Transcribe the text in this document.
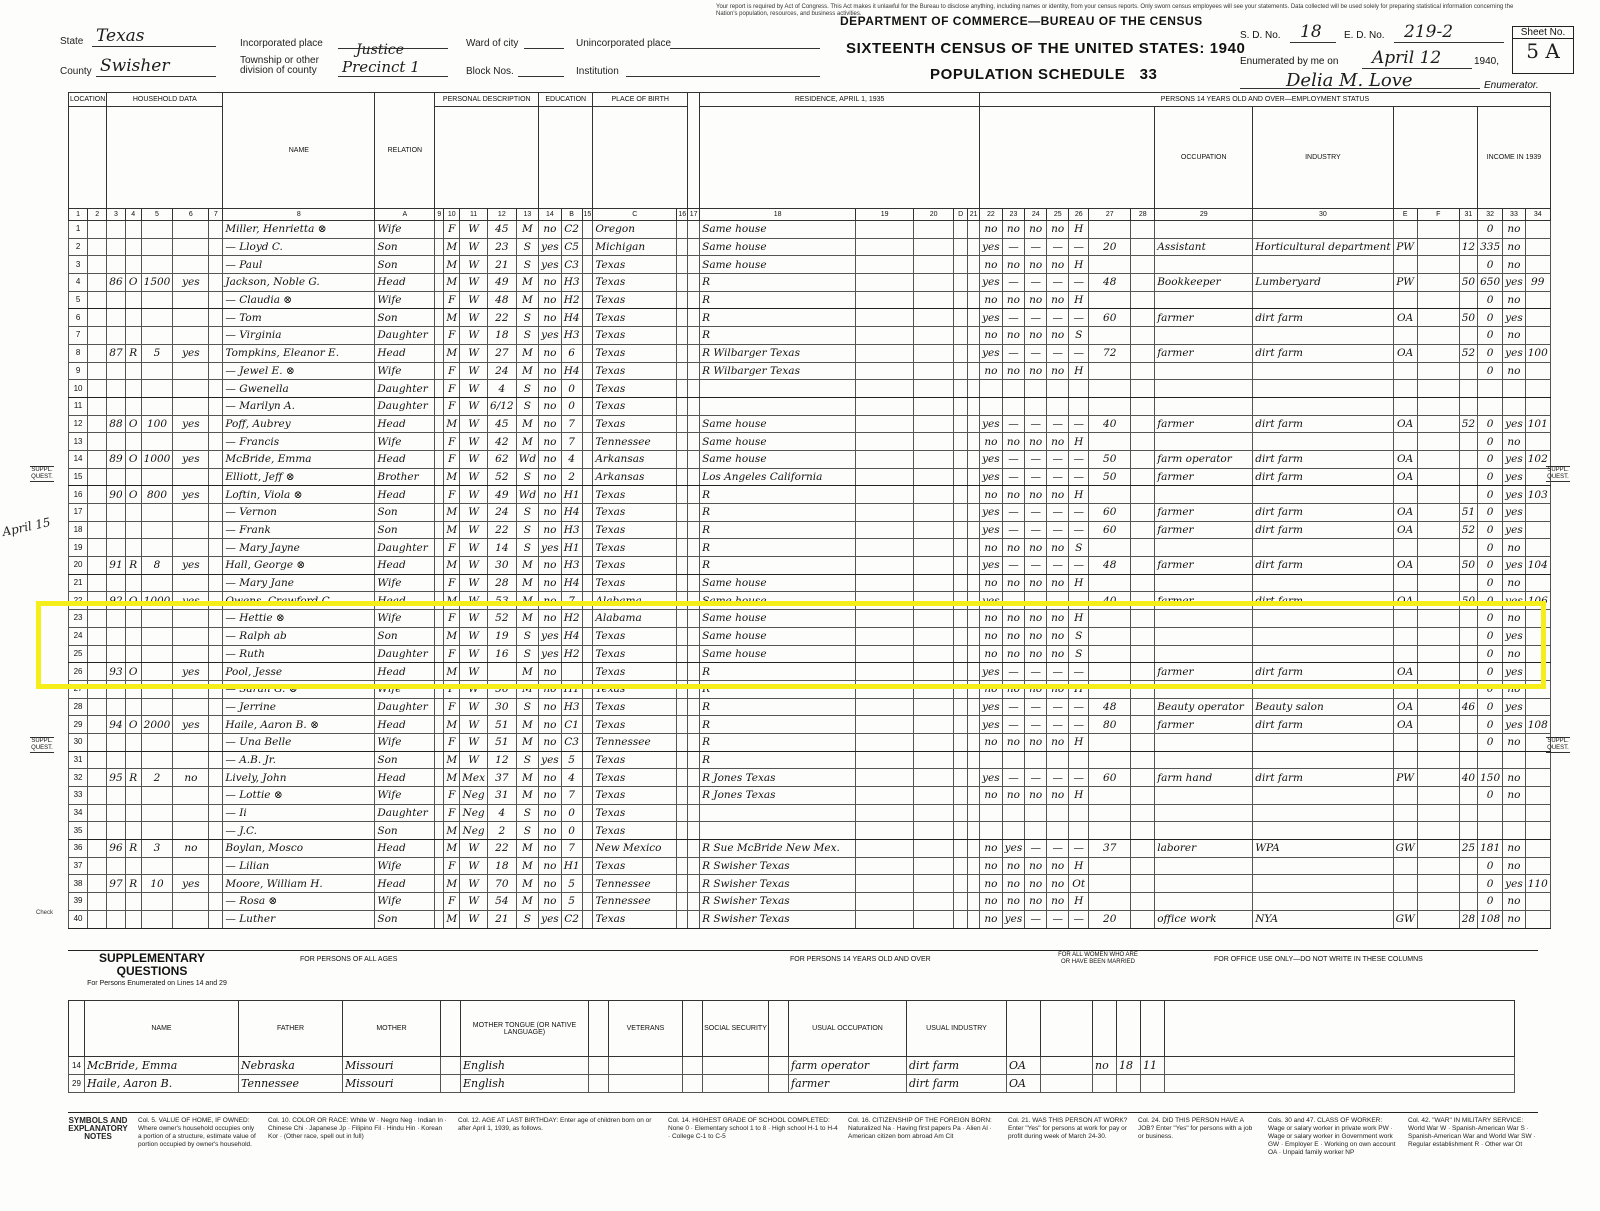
State Texas
County Swisher
Incorporated place
Township or other division of county
Justice
Precinct 1
Ward of city
Block Nos.
Unincorporated place
Institution
Your report is required by Act of Congress. This Act makes it unlawful for the Bureau to disclose anything, including names or identity, from your census reports. Only sworn census employees will see your statements. Data collected will be used solely for preparing statistical information concerning the Nation's population, resources, and business activities.
DEPARTMENT OF COMMERCE—BUREAU OF THE CENSUS
SIXTEENTH CENSUS OF THE UNITED STATES: 1940
POPULATION SCHEDULE 33
S. D. No. 18 E. D. No. 219-2	Sheet No.
5 A
Enumerated by me on April 12	1940,
Delia M. Love	Enumerator.
LOCATION		HOUSEHOLD DATA					NAME	RELATION	PERSONAL DESCRIPTION					EDUCATION			PLACE OF BIRTH			RESIDENCE, APRIL 1, 1935					PERSONS 14 YEARS OLD AND OVER—EMPLOYMENT STATUS														
																																OCCUPATION	INDUSTRY				INCOME IN 1939		
1	2	3	4	5	6	7	8	A	9	10	11	12	13	14	B	15	C	16	17	18	19	20	D	21	22	23	24	25	26	27	28	29	30	E	F	31	32	33	34
1							Miller, Henrietta ⊗	Wife		F	W	45	M	no	C2		Oregon			Same house					no	no	no	no	H								0	no	
2							— Lloyd C.	Son		M	W	23	S	yes	C5		Michigan			Same house					yes	—	—	—	—	20		Assistant	Horticultural department	PW		12	335	no	
3							— Paul	Son		M	W	21	S	yes	C3		Texas			Same house					no	no	no	no	H								0	no	
4		86	O	1500	yes		Jackson, Noble G.	Head		M	W	49	M	no	H3		Texas			R					yes	—	—	—	—	48		Bookkeeper	Lumberyard	PW		50	650	yes	99
5							— Claudia ⊗	Wife		F	W	48	M	no	H2		Texas			R					no	no	no	no	H								0	no	
6							— Tom	Son		M	W	22	S	no	H4		Texas			R					yes	—	—	—	—	60		farmer	dirt farm	OA		50	0	yes	
7							— Virginia	Daughter		F	W	18	S	yes	H3		Texas			R					no	no	no	no	S								0	no	
8		87	R	5	yes		Tompkins, Eleanor E.	Head		M	W	27	M	no	6		Texas			R Wilbarger Texas					yes	—	—	—	—	72		farmer	dirt farm	OA		52	0	yes	100
9							— Jewel E. ⊗	Wife		F	W	24	M	no	H4		Texas			R Wilbarger Texas					no	no	no	no	H								0	no	
10							— Gwenella	Daughter		F	W	4	S	no	0		Texas																						
11							— Marilyn A.	Daughter		F	W	6/12	S	no	0		Texas																						
12		88	O	100	yes		Poff, Aubrey	Head		M	W	45	M	no	7		Texas			Same house					yes	—	—	—	—	40		farmer	dirt farm	OA		52	0	yes	101
13							— Francis	Wife		F	W	42	M	no	7		Tennessee			Same house					no	no	no	no	H								0	no	
14		89	O	1000	yes		McBride, Emma	Head		F	W	62	Wd	no	4		Arkansas			Same house					yes	—	—	—	—	50		farm operator	dirt farm	OA			0	yes	102
15							Elliott, Jeff ⊗	Brother		M	W	52	S	no	2		Arkansas			Los Angeles California					yes	—	—	—	—	50		farmer	dirt farm	OA			0	yes	
16		90	O	800	yes		Loftin, Viola ⊗	Head		F	W	49	Wd	no	H1		Texas			R					no	no	no	no	H								0	yes	103
17							— Vernon	Son		M	W	24	S	no	H4		Texas			R					yes	—	—	—	—	60		farmer	dirt farm	OA		51	0	yes	
18							— Frank	Son		M	W	22	S	no	H3		Texas			R					yes	—	—	—	—	60		farmer	dirt farm	OA		52	0	yes	
19							— Mary Jayne	Daughter		F	W	14	S	yes	H1		Texas			R					no	no	no	no	S								0	no	
20		91	R	8	yes		Hall, George ⊗	Head		M	W	30	M	no	H3		Texas			R					yes	—	—	—	—	48		farmer	dirt farm	OA		50	0	yes	104
21							— Mary Jane	Wife		F	W	28	M	no	H4		Texas			Same house					no	no	no	no	H								0	no	
22		92	O	1000	yes		Owens, Crawford C.	Head		M	W	53	M	no	7		Alabama			Same house					yes	—	—	—	—	40		farmer	dirt farm	OA		50	0	yes	106
23							— Hettie ⊗	Wife		F	W	52	M	no	H2		Alabama			Same house					no	no	no	no	H								0	no	
24							— Ralph ab	Son		M	W	19	S	yes	H4		Texas			Same house					no	no	no	no	S								0	yes	
25							— Ruth	Daughter		F	W	16	S	yes	H2		Texas			Same house					no	no	no	no	S								0	no	
26		93	O		yes		Pool, Jesse	Head		M	W		M	no			Texas			R					yes	—	—	—	—			farmer	dirt farm	OA			0	yes	
27							— Sarah G. ⊗	Wife		F	W	56	M	no	H1		Texas			R					no	no	no	no	H								0	no	
28							— Jerrine	Daughter		F	W	30	S	no	H3		Texas			R					yes	—	—	—	—	48		Beauty operator	Beauty salon	OA		46	0	yes	
29		94	O	2000	yes		Haile, Aaron B. ⊗	Head		M	W	51	M	no	C1		Texas			R					yes	—	—	—	—	80		farmer	dirt farm	OA			0	yes	108
30							— Una Belle	Wife		F	W	51	M	no	C3		Tennessee			R					no	no	no	no	H								0	no	
31							— A.B. Jr.	Son		M	W	12	S	yes	5		Texas			R																			
32		95	R	2	no		Lively, John	Head		M	Mex	37	M	no	4		Texas			R Jones Texas					yes	—	—	—	—	60		farm hand	dirt farm	PW		40	150	no	
33							— Lottie ⊗	Wife		F	Neg	31	M	no	7		Texas			R Jones Texas					no	no	no	no	H								0	no	
34							— Ii	Daughter		F	Neg	4	S	no	0		Texas																						
35							— J.C.	Son		M	Neg	2	S	no	0		Texas																						
36		96	R	3	no		Boylan, Mosco	Head		M	W	22	M	no	7		New Mexico			R Sue McBride New Mex.					no	yes	—	—	—	37		laborer	WPA	GW		25	181	no	
37							— Lilian	Wife		F	W	18	M	no	H1		Texas			R Swisher Texas					no	no	no	no	H								0	no	
38		97	R	10	yes		Moore, William H.	Head		M	W	70	M	no	5		Tennessee			R Swisher Texas					no	no	no	no	Ot								0	yes	110
39							— Rosa ⊗	Wife		F	W	54	M	no	5		Tennessee			R Swisher Texas					no	no	no	no	H								0	no	
40							— Luther	Son		M	W	21	S	yes	C2		Texas			R Swisher Texas					no	yes	—	—	—	20		office work	NYA	GW		28	108	no	
April 15
SUPPL. QUEST.
SUPPL. QUEST.
SUPPL. QUEST.
SUPPL. QUEST.
Check
SUPPLEMENTARY QUESTIONS
For Persons Enumerated on Lines 14 and 29
FOR PERSONS OF ALL AGES	FOR PERSONS 14 YEARS OLD AND OVER
FOR ALL WOMEN WHO ARE OR HAVE BEEN MARRIED	FOR OFFICE USE ONLY—DO NOT WRITE IN THESE COLUMNS
	NAME	FATHER	MOTHER		MOTHER TONGUE (OR NATIVE LANGUAGE)		VETERANS		SOCIAL SECURITY		USUAL OCCUPATION	USUAL INDUSTRY						
14	McBride, Emma	Nebraska	Missouri		English						farm operator	dirt farm	OA		no	18	11	
29	Haile, Aaron B.	Tennessee	Missouri		English						farmer	dirt farm	OA					
SYMBOLS AND EXPLANATORY NOTES
Col. 5. VALUE OF HOME, IF OWNED: Where owner's household occupies only a portion of a structure, estimate value of portion occupied by owner's household.
Col. 10. COLOR OR RACE: White W · Negro Neg · Indian In · Chinese Chi · Japanese Jp · Filipino Fil · Hindu Hin · Korean Kor · (Other race, spell out in full)
Col. 12. AGE AT LAST BIRTHDAY: Enter age of children born on or after April 1, 1939, as follows.
Col. 14. HIGHEST GRADE OF SCHOOL COMPLETED: None 0 · Elementary school 1 to 8 · High school H-1 to H-4 · College C-1 to C-5
Col. 16. CITIZENSHIP OF THE FOREIGN BORN: Naturalized Na · Having first papers Pa · Alien Al · American citizen born abroad Am Cit
Col. 21. WAS THIS PERSON AT WORK? Enter "Yes" for persons at work for pay or profit during week of March 24-30.
Col. 24. DID THIS PERSON HAVE A JOB? Enter "Yes" for persons with a job or business.
Cols. 30 and 47. CLASS OF WORKER: Wage or salary worker in private work PW · Wage or salary worker in Government work GW · Employer E · Working on own account OA · Unpaid family worker NP
Col. 42. "WAR" IN MILITARY SERVICE: World War W · Spanish-American War S · Spanish-American War and World War SW · Regular establishment R · Other war Ot
